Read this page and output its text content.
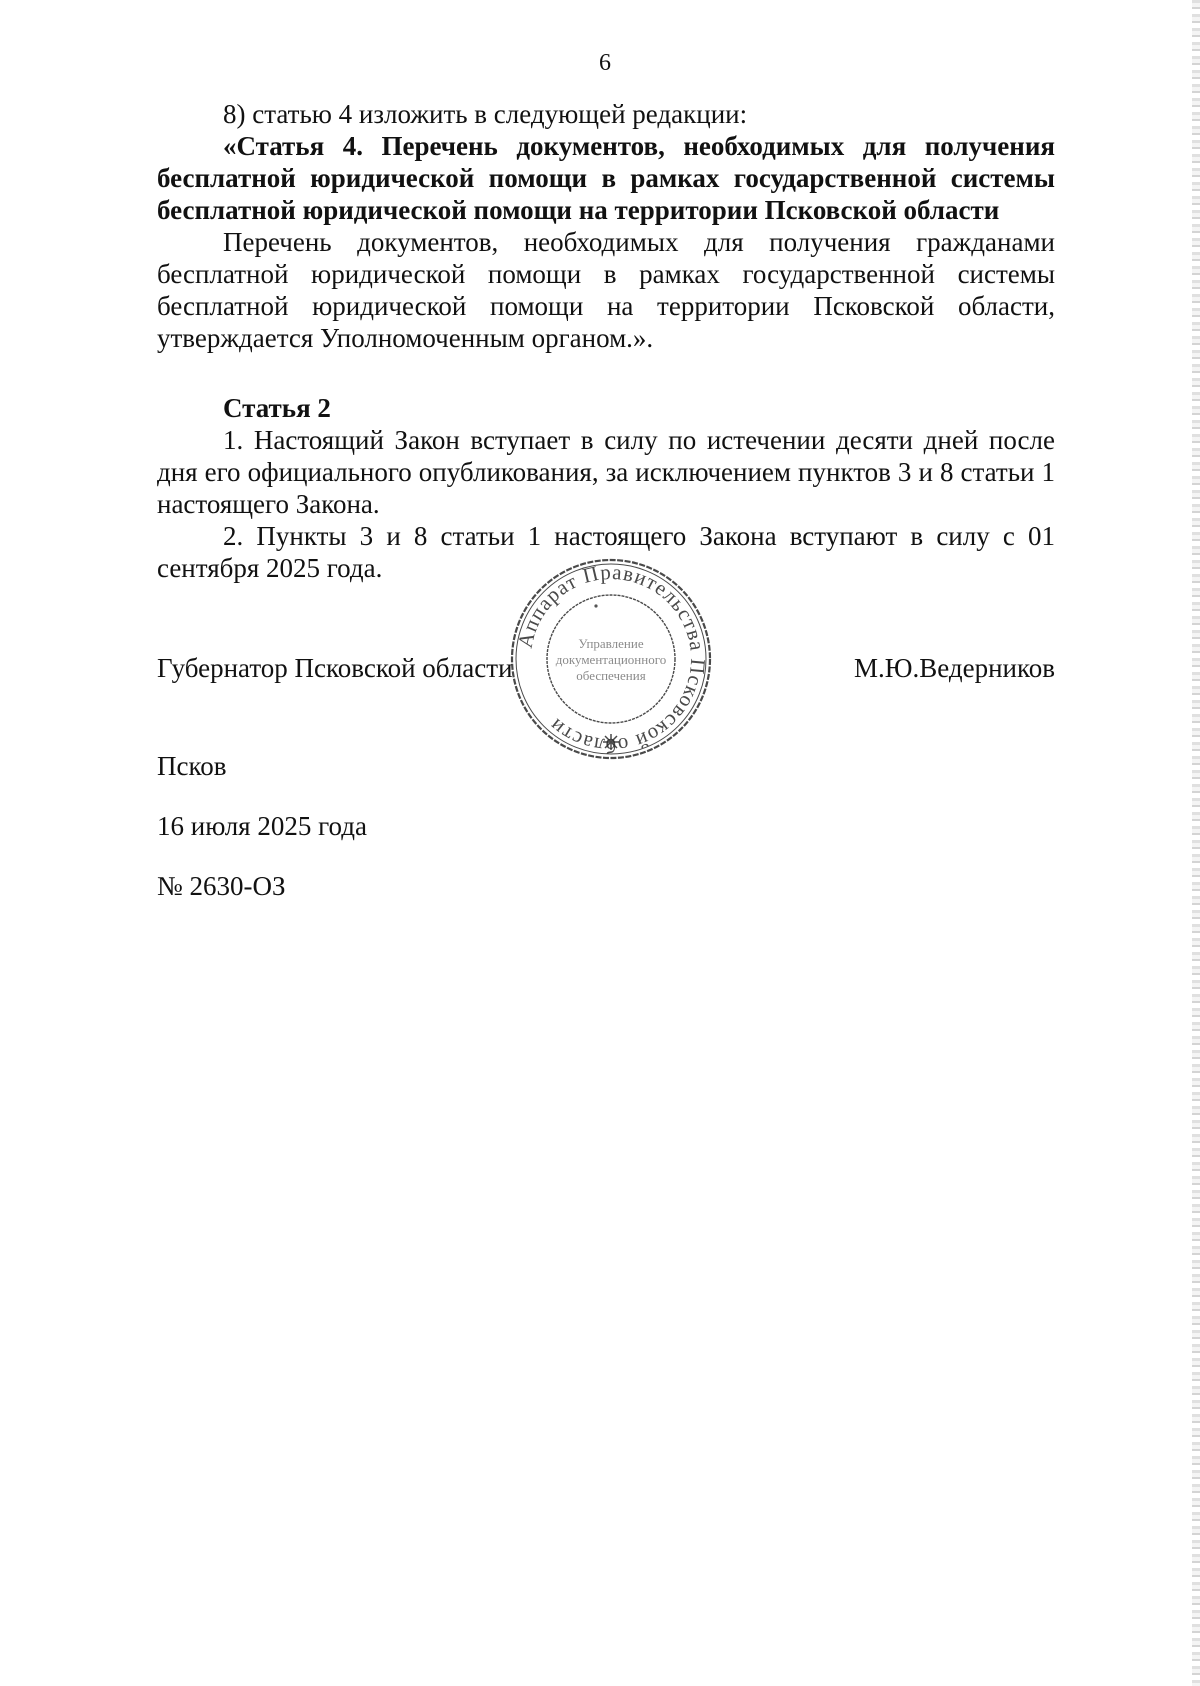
6

8) статью 4 изложить в следующей редакции:

«Статья 4. Перечень документов, необходимых для получения бесплатной юридической помощи в рамках государственной системы бесплатной юридической помощи на территории Псковской области

Перечень документов, необходимых для получения гражданами бесплатной юридической помощи в рамках государственной системы бесплатной юридической помощи на территории Псковской области, утверждается Уполномоченным органом.».

Статья 2

1. Настоящий Закон вступает в силу по истечении десяти дней после дня его официального опубликования, за исключением пунктов 3 и 8 статьи 1 настоящего Закона.

2. Пункты 3 и 8 статьи 1 настоящего Закона вступают в силу с 01 сентября 2025 года.

Губернатор Псковской области	М.Ю.Ведерников
Аппарат Правительства Псковской области
Управление
документационного
обеспечения
Псков
16 июля 2025 года
№ 2630-ОЗ
